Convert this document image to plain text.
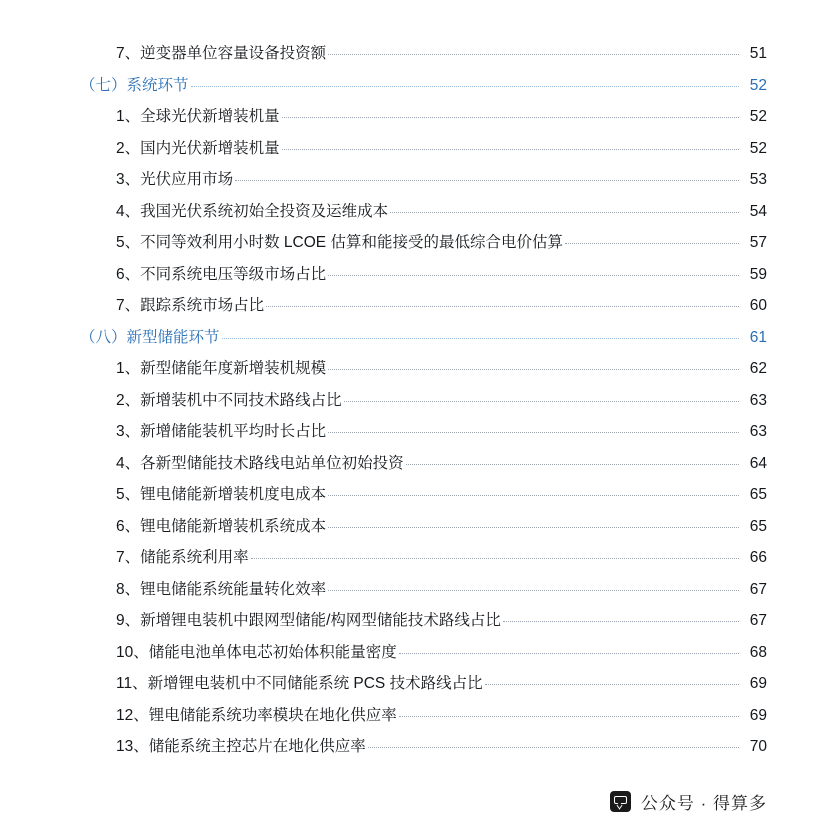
7、逆变器单位容量设备投资额	51
（七）系统环节	52
1、全球光伏新增装机量	52
2、国内光伏新增装机量	52
3、光伏应用市场	53
4、我国光伏系统初始全投资及运维成本	54
5、不同等效利用小时数 LCOE 估算和能接受的最低综合电价估算	57
6、不同系统电压等级市场占比	59
7、跟踪系统市场占比	60
（八）新型储能环节	61
1、新型储能年度新增装机规模	62
2、新增装机中不同技术路线占比	63
3、新增储能装机平均时长占比	63
4、各新型储能技术路线电站单位初始投资	64
5、锂电储能新增装机度电成本	65
6、锂电储能新增装机系统成本	65
7、储能系统利用率	66
8、锂电储能系统能量转化效率	67
9、新增锂电装机中跟网型储能/构网型储能技术路线占比	67
10、储能电池单体电芯初始体积能量密度	68
11、新增锂电装机中不同储能系统 PCS 技术路线占比	69
12、锂电储能系统功率模块在地化供应率	69
13、储能系统主控芯片在地化供应率	70
公众号 · 得算多
